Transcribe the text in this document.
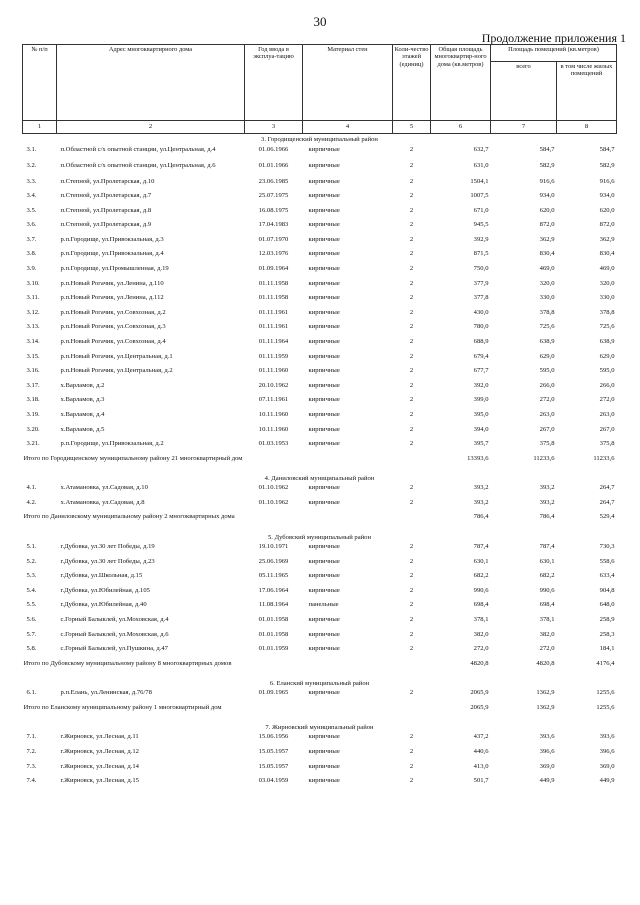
30
Продолжение приложения 1
№ п/п	Адрес многоквартирного дома	Год ввода в эксплуа-тацию	Материал стен	Коли-чество этажей (единиц)	Общая площадь многоквартир-ного дома (кв.метров)	Площадь помещений (кв.метров)	
						всего	в том числе жилых помещений
1	2	3	4	5	6	7	8
3. Городищенский муниципальный район							
3.1.	п.Областной с/х опытной станции, ул.Центральная, д.4	01.06.1966	кирпичные	2	632,7	584,7	584,7
3.2.	п.Областной с/х опытной станции, ул.Центральная, д.6	01.01.1966	кирпичные	2	631,0	582,9	582,9
3.3.	п.Степной, ул.Пролетарская, д.10	23.06.1985	кирпичные	2	1504,1	916,6	916,6
3.4.	п.Степной, ул.Пролетарская, д.7	25.07.1975	кирпичные	2	1007,5	934,0	934,0
3.5.	п.Степной, ул.Пролетарская, д.8	16.08.1975	кирпичные	2	671,0	620,0	620,0
3.6.	п.Степной, ул.Пролетарская, д.9	17.04.1983	кирпичные	2	945,5	872,0	872,0
3.7.	р.п.Городище, ул.Привокзальная, д.3	01.07.1970	кирпичные	2	392,9	362,9	362,9
3.8.	р.п.Городище, ул.Привокзальная, д.4	12.03.1976	кирпичные	2	871,5	830,4	830,4
3.9.	р.п.Городище, ул.Промышленная, д.19	01.09.1964	кирпичные	2	750,0	469,0	469,0
3.10.	р.п.Новый Рогачик, ул.Ленина, д.110	01.11.1958	кирпичные	2	377,9	320,0	320,0
3.11.	р.п.Новый Рогачик, ул.Ленина, д.112	01.11.1958	кирпичные	2	377,8	330,0	330,0
3.12.	р.п.Новый Рогачик, ул.Совхозная, д.2	01.11.1961	кирпичные	2	430,0	378,8	378,8
3.13.	р.п.Новый Рогачик, ул.Совхозная, д.3	01.11.1961	кирпичные	2	780,0	725,6	725,6
3.14.	р.п.Новый Рогачик, ул.Совхозная, д.4	01.11.1964	кирпичные	2	688,9	638,9	638,9
3.15.	р.п.Новый Рогачик, ул.Центральная, д.1	01.11.1959	кирпичные	2	679,4	629,0	629,0
3.16.	р.п.Новый Рогачик, ул.Центральная, д.2	01.11.1960	кирпичные	2	677,7	595,0	595,0
3.17.	х.Варламов, д.2	20.10.1962	кирпичные	2	392,0	266,0	266,0
3.18.	х.Варламов, д.3	07.11.1961	кирпичные	2	399,0	272,0	272,0
3.19.	х.Варламов, д.4	10.11.1960	кирпичные	2	395,0	263,0	263,0
3.20.	х.Варламов, д.5	10.11.1960	кирпичные	2	394,0	267,0	267,0
3.21.	р.п.Городище, ул.Привокзальная, д.2	01.03.1953	кирпичные	2	395,7	375,8	375,8
Итого по Городищенскому муниципальному району 21 многоквартирный дом					13393,6	11233,6	11233,6
4. Даниловский муниципальный район							
4.1.	х.Атамановка, ул.Садовая, д.10	01.10.1962	кирпичные	2	393,2	393,2	264,7
4.2.	х.Атамановка, ул.Садовая, д.8	01.10.1962	кирпичные	2	393,2	393,2	264,7
Итого по Даниловскому муниципальному району 2 многоквартирных дома					786,4	786,4	529,4
5. Дубовский муниципальный район							
5.1.	г.Дубовка, ул.30 лет Победы, д.19	19.10.1971	кирпичные	2	787,4	787,4	730,3
5.2.	г.Дубовка, ул.30 лет Победы, д.23	25.06.1969	кирпичные	2	630,1	630,1	558,6
5.3.	г.Дубовка, ул.Школьная, д.15	05.11.1965	кирпичные	2	682,2	682,2	633,4
5.4.	г.Дубовка, ул.Юбилейная, д.105	17.06.1964	кирпичные	2	990,6	990,6	904,8
5.5.	г.Дубовка, ул.Юбилейная, д.40	11.08.1964	панельные	2	698,4	698,4	648,0
5.6.	с.Горный Балыклей, ул.Моховская, д.4	01.01.1958	кирпичные	2	378,1	378,1	258,9
5.7.	с.Горный Балыклей, ул.Моховская, д.6	01.01.1958	кирпичные	2	382,0	382,0	258,3
5.8.	с.Горный Балыклей, ул.Пушкина, д.47	01.01.1959	кирпичные	2	272,0	272,0	184,1
Итого по Дубовскому муниципальному району 8 многоквартирных домов					4820,8	4820,8	4176,4
6. Еланский муниципальный район							
6.1.	р.п.Елань, ул.Ленинская, д.76/78	01.09.1965	кирпичные	2	2065,9	1362,9	1255,6
Итого по Еланскому муниципальному району 1 многоквартирный дом					2065,9	1362,9	1255,6
7. Жирновский муниципальный район							
7.1.	г.Жирновск, ул.Лесная, д.11	15.06.1956	кирпичные	2	437,2	393,6	393,6
7.2.	г.Жирновск, ул.Лесная, д.12	15.05.1957	кирпичные	2	440,6	396,6	396,6
7.3.	г.Жирновск, ул.Лесная, д.14	15.05.1957	кирпичные	2	413,0	369,0	369,0
7.4.	г.Жирновск, ул.Лесная, д.15	03.04.1959	кирпичные	2	501,7	449,9	449,9
